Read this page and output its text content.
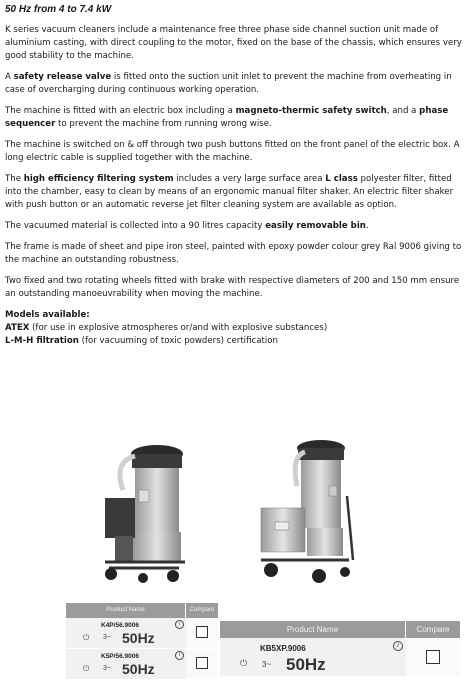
50 Hz from 4 to 7.4 kW

K series vacuum cleaners include a maintenance free three phase side channel suction unit made of aluminium casting, with direct coupling to the motor, fixed on the base of the chassis, which ensures very good stability to the machine.

A safety release valve is fitted onto the suction unit inlet to prevent the machine from overheating in case of overcharging during continuous working operation.

The machine is fitted with an electric box including a magneto-thermic safety switch, and a phase sequencer to prevent the machine from running wrong wise.

The machine is switched on & off through two push buttons fitted on the front panel of the electric box. A long electric cable is supplied together with the machine.

The high efficiency filtering system includes a very large surface area L class polyester filter, fitted into the chamber, easy to clean by means of an ergonomic manual filter shaker. An electric filter shaker with push button or an automatic reverse jet filter cleaning system are available as option.

The vacuumed material is collected into a 90 litres capacity easily removable bin.

The frame is made of sheet and pipe iron steel, painted with epoxy powder colour grey Ral 9006 giving to the machine an outstanding robustness.

Two fixed and two rotating wheels fitted with brake with respective diameters of 200 and 150 mm ensure an outstanding manoeuvrability when moving the machine.

Models available:

ATEX (for use in explosive atmospheres or/and with explosive substances)

L-M-H filtration (for vacuuming of toxic powders) certification

Product Name	Compare
K4P/56.9006
⏻ 3~ 50Hz
i
K5P/56.9006
⏻ 3~ 50Hz
i
Product Name	Compare
KB5XP.9006
⏻ 3~ 50Hz
i
